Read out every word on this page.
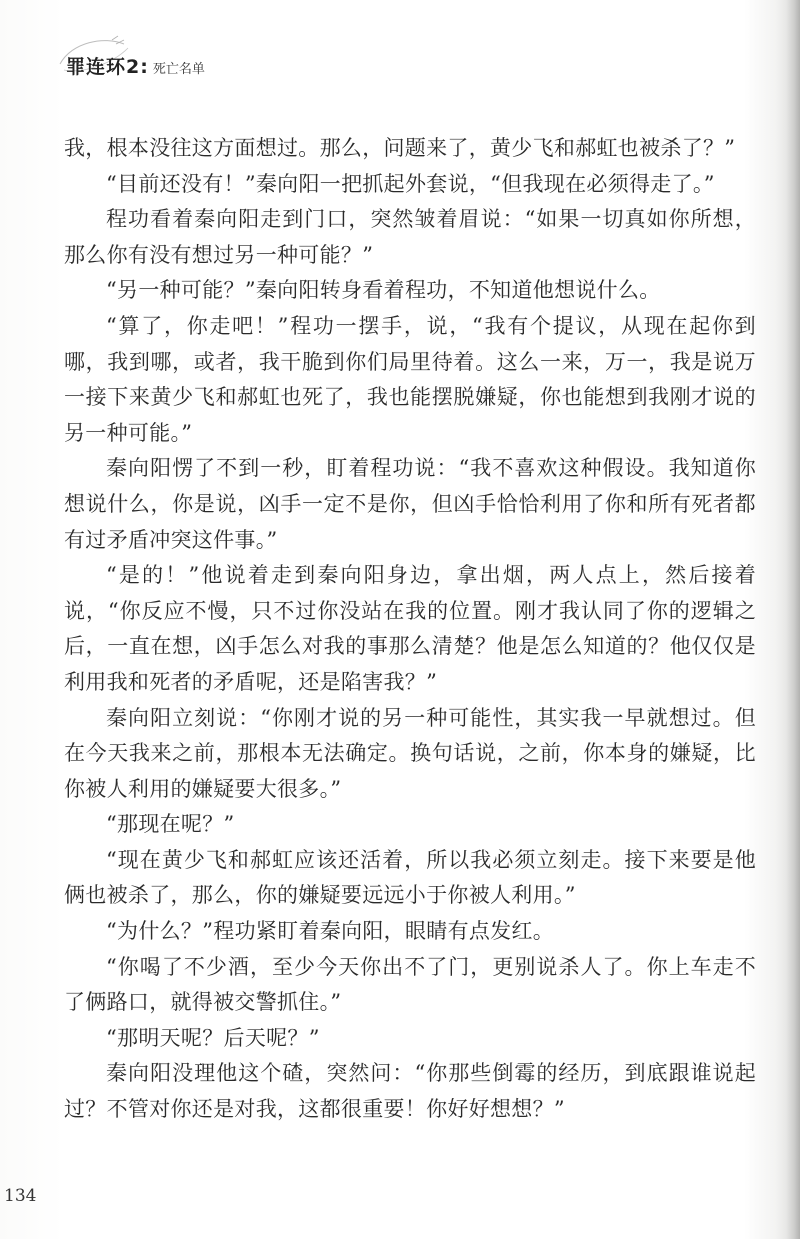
罪连环2: 死亡名单

我，根本没往这方面想过。那么，问题来了，黄少飞和郝虹也被杀了？”

“目前还没有！”秦向阳一把抓起外套说，“但我现在必须得走了。”

程功看着秦向阳走到门口，突然皱着眉说：“如果一切真如你所想，那么你有没有想过另一种可能？”

“另一种可能？”秦向阳转身看着程功，不知道他想说什么。

“算了，你走吧！”程功一摆手，说，“我有个提议，从现在起你到哪，我到哪，或者，我干脆到你们局里待着。这么一来，万一，我是说万一接下来黄少飞和郝虹也死了，我也能摆脱嫌疑，你也能想到我刚才说的另一种可能。”

秦向阳愣了不到一秒，盯着程功说：“我不喜欢这种假设。我知道你想说什么，你是说，凶手一定不是你，但凶手恰恰利用了你和所有死者都有过矛盾冲突这件事。”

“是的！”他说着走到秦向阳身边，拿出烟，两人点上，然后接着说，“你反应不慢，只不过你没站在我的位置。刚才我认同了你的逻辑之后，一直在想，凶手怎么对我的事那么清楚？他是怎么知道的？他仅仅是利用我和死者的矛盾呢，还是陷害我？”

秦向阳立刻说：“你刚才说的另一种可能性，其实我一早就想过。但在今天我来之前，那根本无法确定。换句话说，之前，你本身的嫌疑，比你被人利用的嫌疑要大很多。”

“那现在呢？”

“现在黄少飞和郝虹应该还活着，所以我必须立刻走。接下来要是他俩也被杀了，那么，你的嫌疑要远远小于你被人利用。”

“为什么？”程功紧盯着秦向阳，眼睛有点发红。

“你喝了不少酒，至少今天你出不了门，更别说杀人了。你上车走不了俩路口，就得被交警抓住。”

“那明天呢？后天呢？”

秦向阳没理他这个碴，突然问：“你那些倒霉的经历，到底跟谁说起过？不管对你还是对我，这都很重要！你好好想想？”

134
